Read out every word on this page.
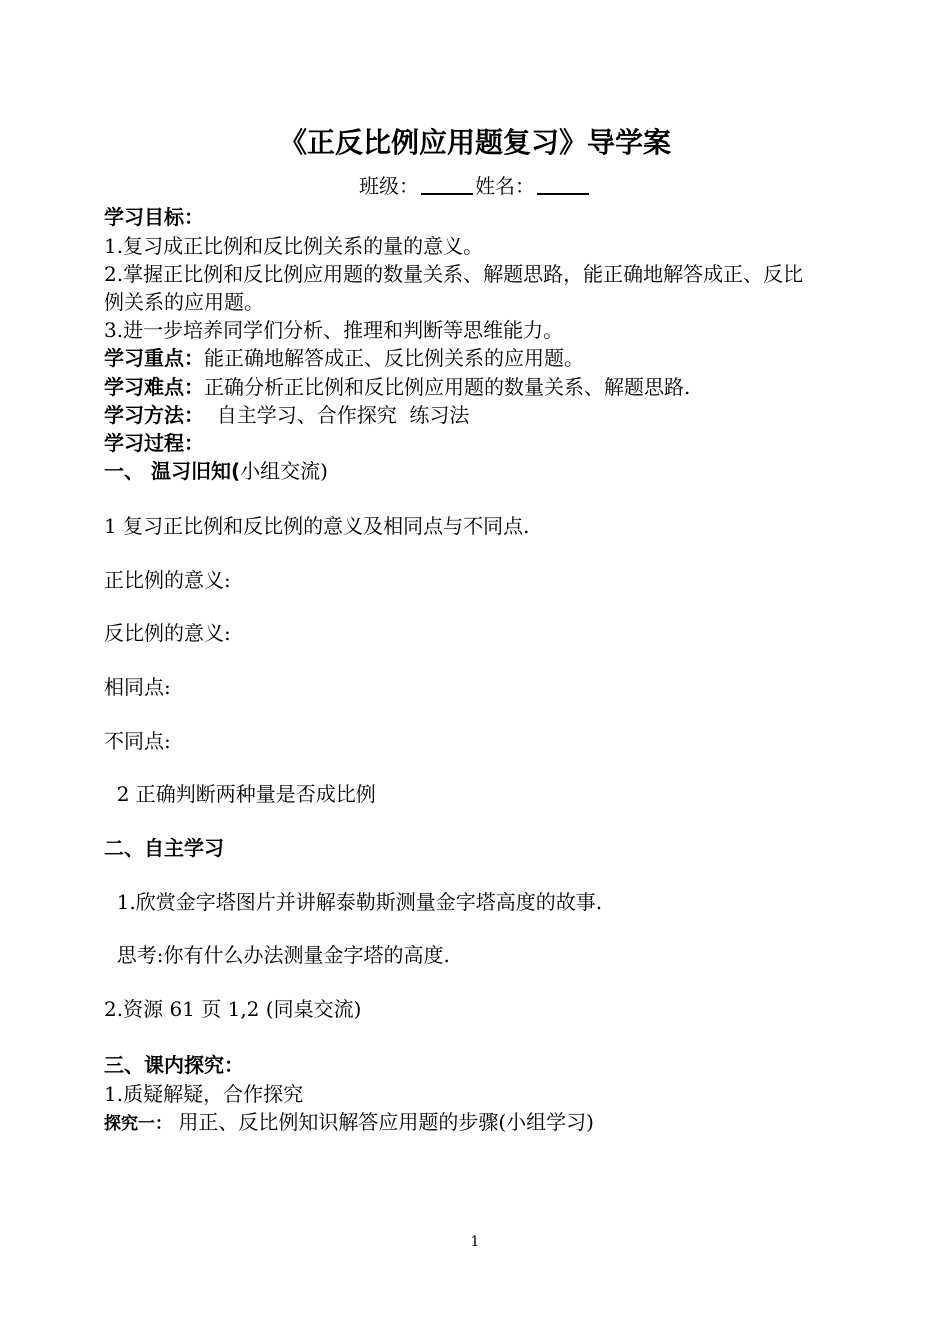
《正反比例应用题复习》导学案
班级：	姓名：
学习目标：
1.复习成正比例和反比例关系的量的意义。
2.掌握正比例和反比例应用题的数量关系、解题思路，能正确地解答成正、反比
例关系的应用题。
3.进一步培养同学们分析、推理和判断等思维能力。
学习重点：能正确地解答成正、反比例关系的应用题。
学习难点：正确分析正比例和反比例应用题的数量关系、解题思路.
学习方法：  自主学习、合作探究  练习法
学习过程：
一、 温习旧知(小组交流)
1 复习正比例和反比例的意义及相同点与不同点.
正比例的意义:
反比例的意义:
相同点:
不同点:
2 正确判断两种量是否成比例
二、自主学习
1.欣赏金字塔图片并讲解泰勒斯测量金字塔高度的故事.
思考:你有什么办法测量金字塔的高度.
2.资源 61 页 1,2 (同桌交流)
三、课内探究：
1.质疑解疑，合作探究
探究一： 用正、反比例知识解答应用题的步骤(小组学习)
1
